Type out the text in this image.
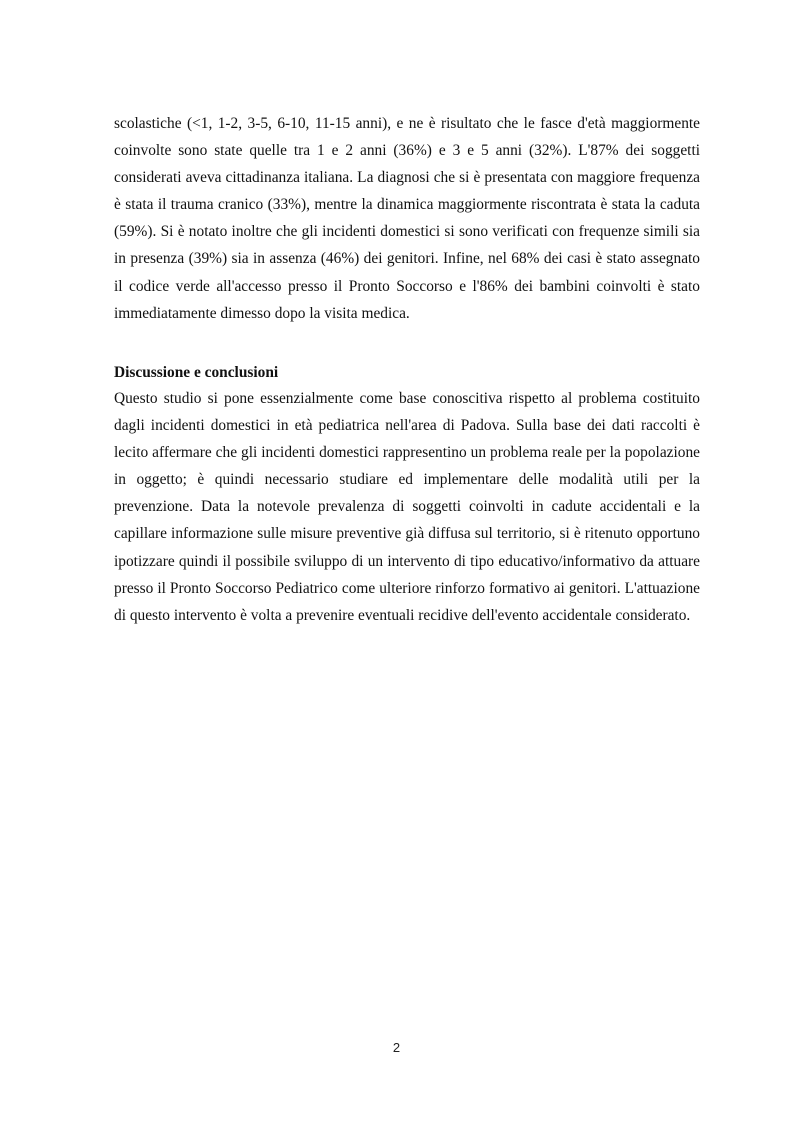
scolastiche (<1, 1-2, 3-5, 6-10, 11-15 anni), e ne è risultato che le fasce d'età maggiormente coinvolte sono state quelle tra 1 e 2 anni (36%) e 3 e 5 anni (32%). L'87% dei soggetti considerati aveva cittadinanza italiana. La diagnosi che si è presentata con maggiore frequenza è stata il trauma cranico (33%), mentre la dinamica maggiormente riscontrata è stata la caduta (59%). Si è notato inoltre che gli incidenti domestici si sono verificati con frequenze simili sia in presenza (39%) sia in assenza (46%) dei genitori. Infine, nel 68% dei casi è stato assegnato il codice verde all'accesso presso il Pronto Soccorso e l'86% dei bambini coinvolti è stato immediatamente dimesso dopo la visita medica.

Discussione e conclusioni

Questo studio si pone essenzialmente come base conoscitiva rispetto al problema costituito dagli incidenti domestici in età pediatrica nell'area di Padova. Sulla base dei dati raccolti è lecito affermare che gli incidenti domestici rappresentino un problema reale per la popolazione in oggetto; è quindi necessario studiare ed implementare delle modalità utili per la prevenzione. Data la notevole prevalenza di soggetti coinvolti in cadute accidentali e la capillare informazione sulle misure preventive già diffusa sul territorio, si è ritenuto opportuno ipotizzare quindi il possibile sviluppo di un intervento di tipo educativo/informativo da attuare presso il Pronto Soccorso Pediatrico come ulteriore rinforzo formativo ai genitori. L'attuazione di questo intervento è volta a prevenire eventuali recidive dell'evento accidentale considerato.

2
